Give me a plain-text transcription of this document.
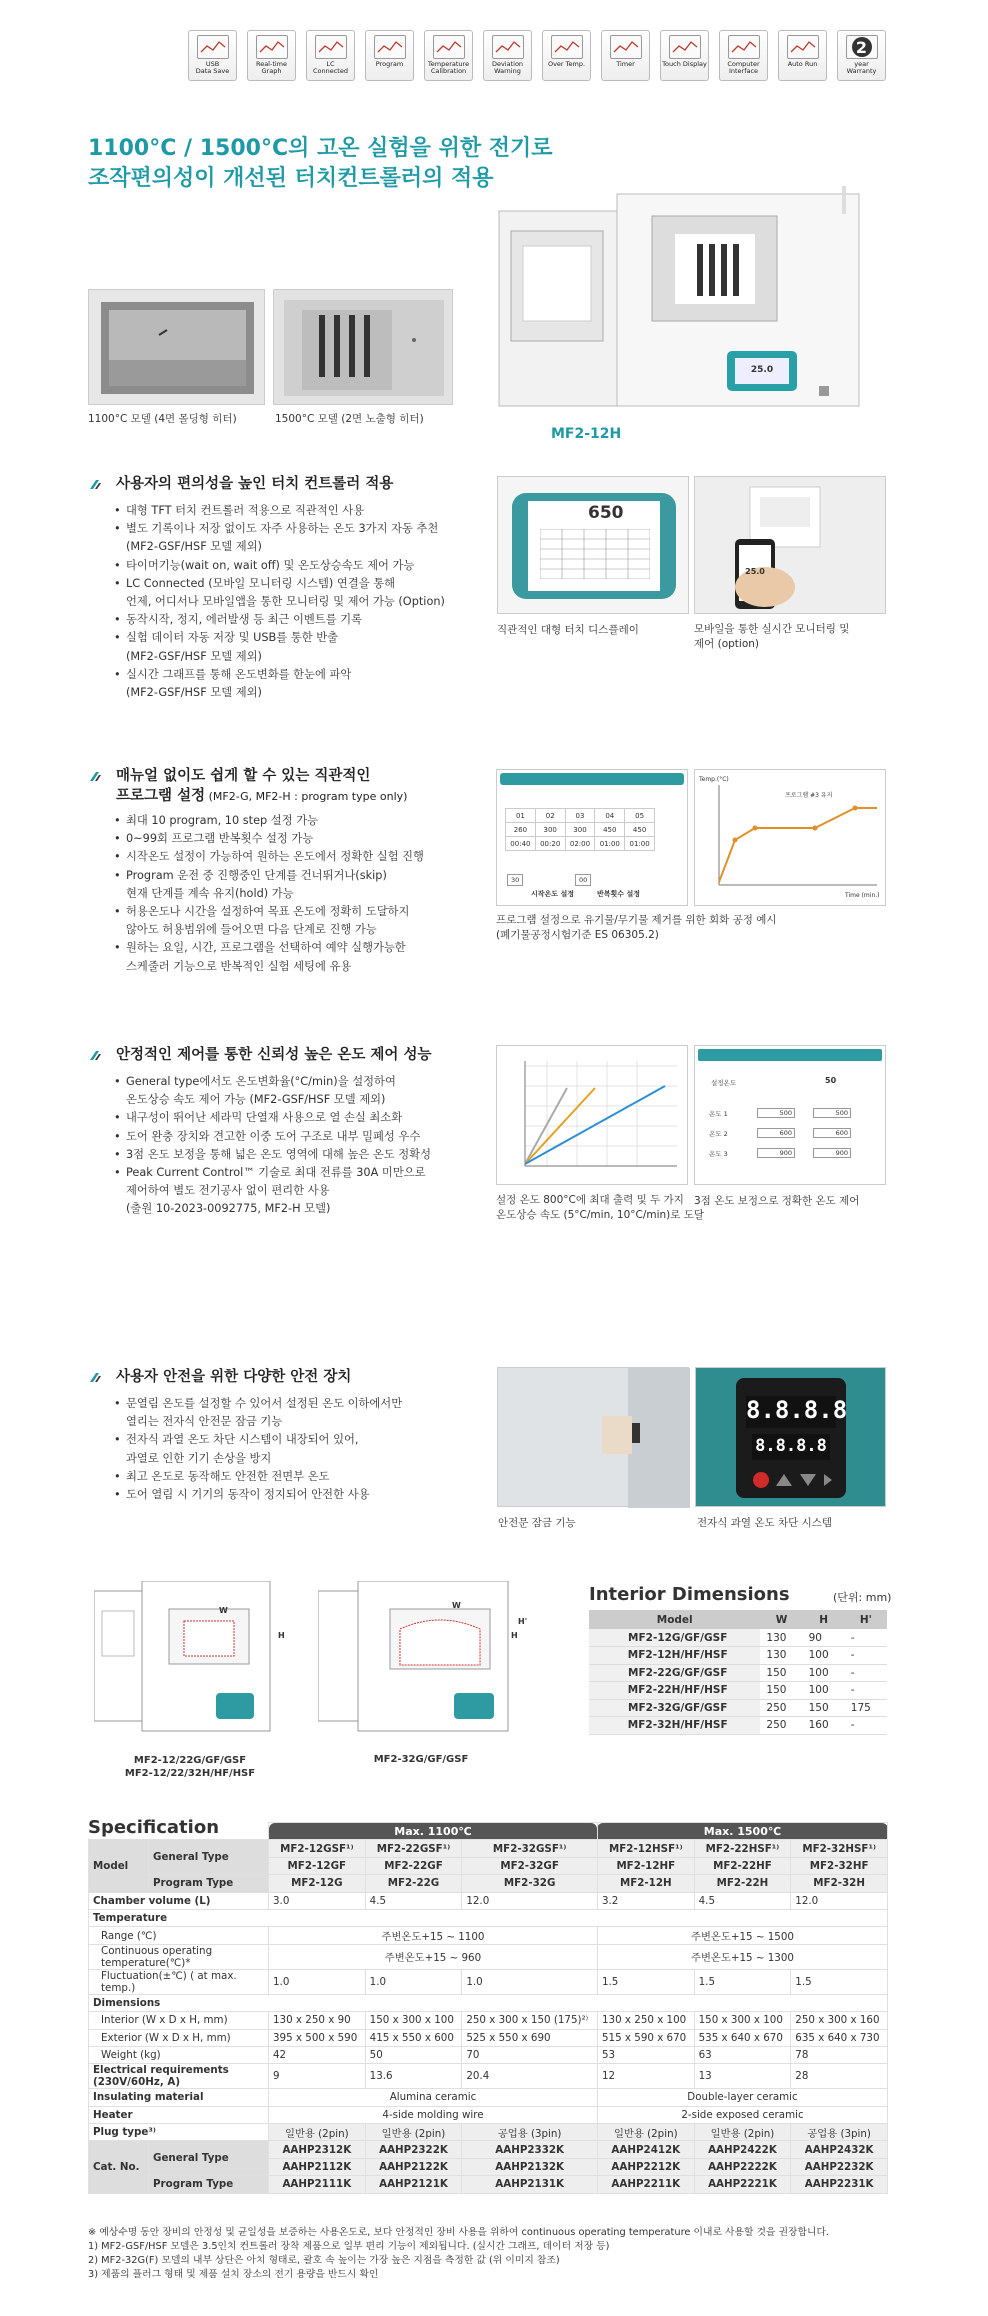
USB
Data Save
Real-time
Graph
LC
Connected
Program	Temperature
Calibration
Deviation
Warning
Over Temp.	Timer	Touch Display	Computer
Interface
Auto Run
2
year
Warranty
1100°C / 1500°C의 고온 실험을 위한 전기로
조작편의성이 개선된 터치컨트롤러의 적용
1100°C 모델 (4면 몰딩형 히터)	1500°C 모델 (2면 노출형 히터)
25.0
MF2-12H
사용자의 편의성을 높인 터치 컨트롤러 적용
• 대형 TFT 터치 컨트롤러 적용으로 직관적인 사용
• 별도 기록이나 저장 없이도 자주 사용하는 온도 3가지 자동 추천
(MF2-GSF/HSF 모델 제외)
• 타이머기능(wait on, wait off) 및 온도상승속도 제어 가능
• LC Connected (모바일 모니터링 시스템) 연결을 통해
언제, 어디서나 모바일앱을 통한 모니터링 및 제어 가능 (Option)
• 동작시작, 정지, 에러발생 등 최근 이벤트를 기록
• 실험 데이터 자동 저장 및 USB를 통한 반출
(MF2-GSF/HSF 모델 제외)
• 실시간 그래프를 통해 온도변화를 한눈에 파악
(MF2-GSF/HSF 모델 제외)
650
25.0
직관적인 대형 터치 디스플레이	모바일을 통한 실시간 모니터링 및
제어 (option)
매뉴얼 없이도 쉽게 할 수 있는 직관적인
프로그램 설정 (MF2-G, MF2-H : program type only)
• 최대 10 program, 10 step 설정 가능
• 0~99회 프로그램 반복횟수 설정 가능
• 시작온도 설정이 가능하여 원하는 온도에서 정확한 실험 진행
• Program 운전 중 진행중인 단계를 건너뛰거나(skip)
현재 단계를 계속 유지(hold) 가능
• 허용온도나 시간을 설정하여 목표 온도에 정확히 도달하지
않아도 허용범위에 들어오면 다음 단계로 진행 가능
• 원하는 요일, 시간, 프로그램을 선택하여 예약 실행가능한
스케줄러 기능으로 반복적인 실험 세팅에 유용
01	02	03	04	05
260	300	300	450	450
00:40	00:20	02:00	01:00	01:00
30	00
시작온도 설정	반복횟수 설정
프로그램 #3 유지
Temp.(°C)
Time (min.)
프로그램 설정으로 유기물/무기물 제거를 위한 회화 공정 예시
(폐기물공정시험기준 ES 06305.2)
안정적인 제어를 통한 신뢰성 높은 온도 제어 성능
• General type에서도 온도변화율(°C/min)을 설정하여
온도상승 속도 제어 가능 (MF2-GSF/HSF 모델 제외)
• 내구성이 뛰어난 세라믹 단열재 사용으로 열 손실 최소화
• 도어 완충 장치와 견고한 이중 도어 구조로 내부 밀폐성 우수
• 3점 온도 보정을 통해 넓은 온도 영역에 대해 높은 온도 정확성
• Peak Current Control™ 기술로 최대 전류를 30A 미만으로
제어하여 별도 전기공사 없이 편리한 사용
(출원 10-2023-0092775, MF2-H 모델)
설정온도	50
온도 1	500	500
온도 2	600	600
온도 3	900	900
설정 온도 800°C에 최대 출력 및 두 가지
온도상승 속도 (5°C/min, 10°C/min)로 도달
3점 온도 보정으로 정확한 온도 제어
사용자 안전을 위한 다양한 안전 장치
• 문열림 온도를 설정할 수 있어서 설정된 온도 이하에서만
열리는 전자식 안전문 잠금 기능
• 전자식 과열 온도 차단 시스템이 내장되어 있어,
과열로 인한 기기 손상을 방지
• 최고 온도로 동작해도 안전한 전면부 온도
• 도어 열림 시 기기의 동작이 정지되어 안전한 사용
8.8.8.8
8.8.8.8
안전문 잠금 기능	전자식 과열 온도 차단 시스템
W
H
W
H
H'
MF2-12/22G/GF/GSF
MF2-12/22/32H/HF/HSF
MF2-32G/GF/GSF
Interior Dimensions	(단위: mm)
Model	W	H	H'
MF2-12G/GF/GSF	130	90	-
MF2-12H/HF/HSF	130	100	-
MF2-22G/GF/GSF	150	100	-
MF2-22H/HF/HSF	150	100	-
MF2-32G/GF/GSF	250	150	175
MF2-32H/HF/HSF	250	160	-
Specification
		Max. 1100℃			Max. 1500℃		
Model	General Type	MF2-12GSF¹⁾	MF2-22GSF¹⁾	MF2-32GSF¹⁾	MF2-12HSF¹⁾	MF2-22HSF¹⁾	MF2-32HSF¹⁾
		MF2-12GF	MF2-22GF	MF2-32GF	MF2-12HF	MF2-22HF	MF2-32HF
	Program Type	MF2-12G	MF2-22G	MF2-32G	MF2-12H	MF2-22H	MF2-32H
Chamber volume (L)		3.0	4.5	12.0	3.2	4.5	12.0
Temperature							
Range (℃)		주변온도+15 ~ 1100			주변온도+15 ~ 1500		
Continuous operating temperature(℃)*		주변온도+15 ~ 960			주변온도+15 ~ 1300		
Fluctuation(±℃) ( at max. temp.)		1.0	1.0	1.0	1.5	1.5	1.5
Dimensions							
Interior (W x D x H, mm)		130 x 250 x 90	150 x 300 x 100	250 x 300 x 150 (175)²⁾	130 x 250 x 100	150 x 300 x 100	250 x 300 x 160
Exterior (W x D x H, mm)		395 x 500 x 590	415 x 550 x 600	525 x 550 x 690	515 x 590 x 670	535 x 640 x 670	635 x 640 x 730
Weight (kg)		42	50	70	53	63	78
Electrical requirements (230V/60Hz, A)		9	13.6	20.4	12	13	28
Insulating material		Alumina ceramic			Double-layer ceramic		
Heater		4-side molding wire			2-side exposed ceramic		
Plug type³⁾		일반용 (2pin)	일반용 (2pin)	공업용 (3pin)	일반용 (2pin)	일반용 (2pin)	공업용 (3pin)
Cat. No.	General Type	AAHP2312K	AAHP2322K	AAHP2332K	AAHP2412K	AAHP2422K	AAHP2432K
		AAHP2112K	AAHP2122K	AAHP2132K	AAHP2212K	AAHP2222K	AAHP2232K
	Program Type	AAHP2111K	AAHP2121K	AAHP2131K	AAHP2211K	AAHP2221K	AAHP2231K
※ 예상수명 동안 장비의 안정성 및 균일성을 보증하는 사용온도로, 보다 안정적인 장비 사용을 위하여 continuous operating temperature 이내로 사용할 것을 권장합니다.
1) MF2-GSF/HSF 모델은 3.5인치 컨트롤러 장착 제품으로 일부 편리 기능이 제외됩니다. (실시간 그래프, 데이터 저장 등)
2) MF2-32G(F) 모델의 내부 상단은 아치 형태로, 괄호 속 높이는 가장 높은 지점을 측정한 값 (위 이미지 참조)
3) 제품의 플러그 형태 및 제품 설치 장소의 전기 용량을 반드시 확인
